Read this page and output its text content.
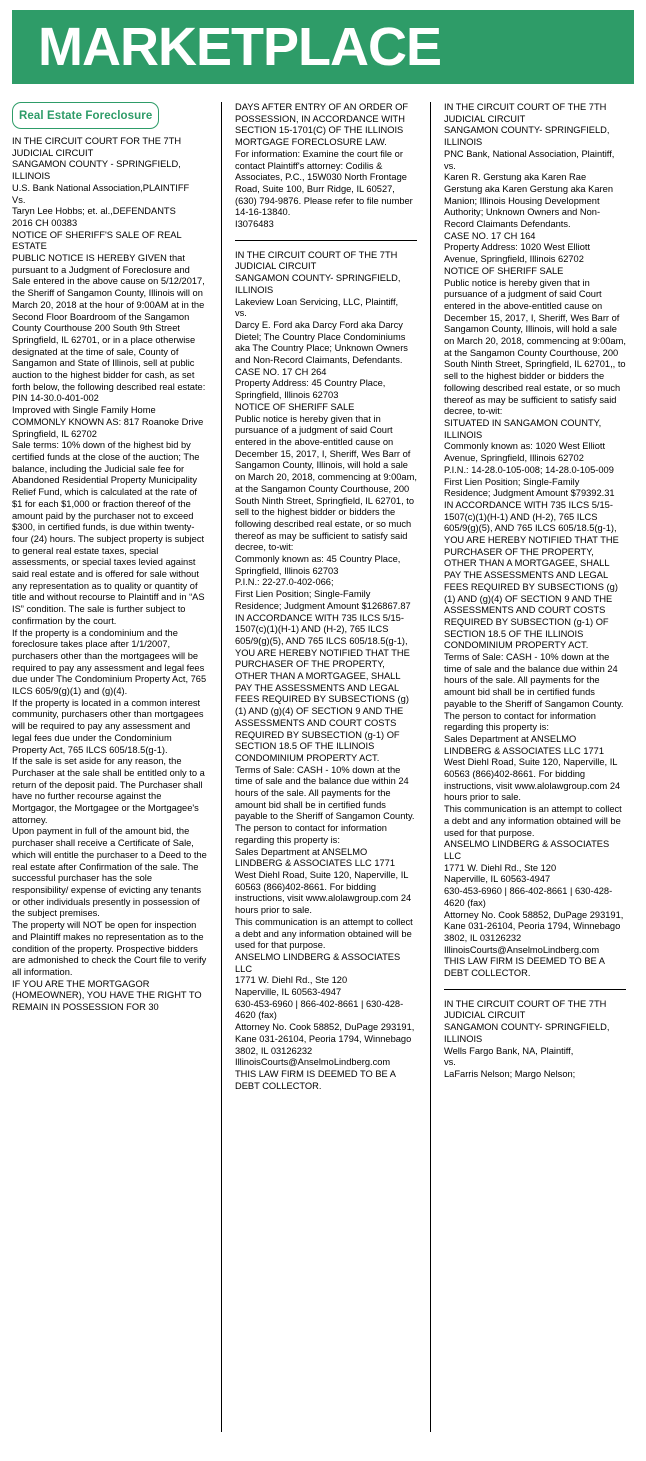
MARKETPLACE
Real Estate Foreclosure

IN THE CIRCUIT COURT FOR THE 7TH JUDICIAL CIRCUIT

SANGAMON COUNTY - SPRINGFIELD, ILLINOIS

U.S. Bank National Association,PLAINTIFF

Vs.

Taryn Lee Hobbs; et. al.,DEFENDANTS

2016 CH 00383

NOTICE OF SHERIFF'S SALE OF REAL ESTATE

PUBLIC NOTICE IS HEREBY GIVEN that pursuant to a Judgment of Foreclosure and Sale entered in the above cause on 5/12/2017, the Sheriff of Sangamon County, Illinois will on March 20, 2018 at the hour of 9:00AM at in the Second Floor Boardroom of the Sangamon County Courthouse 200 South 9th Street Springfield, IL 62701, or in a place otherwise designated at the time of sale, County of Sangamon and State of Illinois, sell at public auction to the highest bidder for cash, as set forth below, the following described real estate:

PIN 14-30.0-401-002

Improved with Single Family Home

COMMONLY KNOWN AS: 817 Roanoke Drive

Springfield, IL 62702

Sale terms: 10% down of the highest bid by certified funds at the close of the auction; The balance, including the Judicial sale fee for Abandoned Residential Property Municipality Relief Fund, which is calculated at the rate of $1 for each $1,000 or fraction thereof of the amount paid by the purchaser not to exceed $300, in certified funds, is due within twenty-four (24) hours. The subject property is subject to general real estate taxes, special assessments, or special taxes levied against said real estate and is offered for sale without any representation as to quality or quantity of title and without recourse to Plaintiff and in “AS IS” condition. The sale is further subject to confirmation by the court.

If the property is a condominium and the foreclosure takes place after 1/1/2007, purchasers other than the mortgagees will be required to pay any assessment and legal fees due under The Condominium Property Act, 765 ILCS 605/9(g)(1) and (g)(4).

If the property is located in a common interest community, purchasers other than mortgagees will be required to pay any assessment and legal fees due under the Condominium Property Act, 765 ILCS 605/18.5(g-1).

If the sale is set aside for any reason, the Purchaser at the sale shall be entitled only to a return of the deposit paid. The Purchaser shall have no further recourse against the Mortgagor, the Mortgagee or the Mortgagee's attorney.

Upon payment in full of the amount bid, the purchaser shall receive a Certificate of Sale, which will entitle the purchaser to a Deed to the real estate after Confirmation of the sale. The successful purchaser has the sole responsibility/ expense of evicting any tenants or other individuals presently in possession of the subject premises.

The property will NOT be open for inspection and Plaintiff makes no representation as to the condition of the property. Prospective bidders are admonished to check the Court file to verify all information.

IF YOU ARE THE MORTGAGOR (HOMEOWNER), YOU HAVE THE RIGHT TO REMAIN IN POSSESSION FOR 30

DAYS AFTER ENTRY OF AN ORDER OF POSSESSION, IN ACCORDANCE WITH SECTION 15-1701(C) OF THE ILLINOIS MORTGAGE FORECLOSURE LAW.

For information: Examine the court file or contact Plaintiff's attorney: Codilis & Associates, P.C., 15W030 North Frontage Road, Suite 100, Burr Ridge, IL 60527, (630) 794-9876. Please refer to file number 14-16-13840.

I3076483

IN THE CIRCUIT COURT OF THE 7TH JUDICIAL CIRCUIT

SANGAMON COUNTY- SPRINGFIELD, ILLINOIS

Lakeview Loan Servicing, LLC, Plaintiff,

vs.

Darcy E. Ford aka Darcy Ford aka Darcy Dietel; The Country Place Condominiums aka The Country Place; Unknown Owners and Non-Record Claimants, Defendants.

CASE NO. 17 CH 264

Property Address: 45 Country Place, Springfield, Illinois 62703

NOTICE OF SHERIFF SALE

Public notice is hereby given that in pursuance of a judgment of said Court entered in the above-entitled cause on December 15, 2017, I, Sheriff, Wes Barr of Sangamon County, Illinois, will hold a sale on March 20, 2018, commencing at 9:00am, at the Sangamon County Courthouse, 200 South Ninth Street, Springfield, IL 62701, to sell to the highest bidder or bidders the following described real estate, or so much thereof as may be sufficient to satisfy said decree, to-wit:

Commonly known as: 45 Country Place, Springfield, Illinois 62703

P.I.N.: 22-27.0-402-066;

First Lien Position; Single-Family Residence; Judgment Amount $126867.87

IN ACCORDANCE WITH 735 ILCS 5/15-1507(c)(1)(H-1) AND (H-2), 765 ILCS 605/9(g)(5), AND 765 ILCS 605/18.5(g-1), YOU ARE HEREBY NOTIFIED THAT THE PURCHASER OF THE PROPERTY, OTHER THAN A MORTGAGEE, SHALL PAY THE ASSESSMENTS AND LEGAL FEES REQUIRED BY SUBSECTIONS (g)(1) AND (g)(4) OF SECTION 9 AND THE ASSESSMENTS AND COURT COSTS REQUIRED BY SUBSECTION (g-1) OF SECTION 18.5 OF THE ILLINOIS CONDOMINIUM PROPERTY ACT.

Terms of Sale: CASH - 10% down at the time of sale and the balance due within 24 hours of the sale. All payments for the amount bid shall be in certified funds payable to the Sheriff of Sangamon County.

The person to contact for information regarding this property is:

Sales Department at ANSELMO LINDBERG & ASSOCIATES LLC 1771 West Diehl Road, Suite 120, Naperville, IL 60563 (866)402-8661. For bidding instructions, visit www.alolawgroup.com 24 hours prior to sale.

This communication is an attempt to collect a debt and any information obtained will be used for that purpose.

ANSELMO LINDBERG & ASSOCIATES LLC

1771 W. Diehl Rd., Ste 120

Naperville, IL 60563-4947

630-453-6960 | 866-402-8661 | 630-428-4620 (fax)

Attorney No. Cook 58852, DuPage 293191, Kane 031-26104, Peoria 1794, Winnebago 3802, IL 03126232

IllinoisCourts@AnselmoLindberg.com

THIS LAW FIRM IS DEEMED TO BE A DEBT COLLECTOR.

IN THE CIRCUIT COURT OF THE 7TH JUDICIAL CIRCUIT

SANGAMON COUNTY- SPRINGFIELD, ILLINOIS

PNC Bank, National Association, Plaintiff,

vs.

Karen R. Gerstung aka Karen Rae Gerstung aka Karen Gerstung aka Karen Manion; Illinois Housing Development Authority; Unknown Owners and Non-Record Claimants Defendants.

CASE NO. 17 CH 164

Property Address: 1020 West Elliott Avenue, Springfield, Illinois 62702

NOTICE OF SHERIFF SALE

Public notice is hereby given that in pursuance of a judgment of said Court entered in the above-entitled cause on December 15, 2017, I, Sheriff, Wes Barr of Sangamon County, Illinois, will hold a sale on March 20, 2018, commencing at 9:00am, at the Sangamon County Courthouse, 200 South Ninth Street, Springfield, IL 62701,, to sell to the highest bidder or bidders the following described real estate, or so much thereof as may be sufficient to satisfy said decree, to-wit:

SITUATED IN SANGAMON COUNTY, ILLINOIS

Commonly known as: 1020 West Elliott Avenue, Springfield, Illinois 62702

P.I.N.: 14-28.0-105-008; 14-28.0-105-009

First Lien Position; Single-Family Residence; Judgment Amount $79392.31

IN ACCORDANCE WITH 735 ILCS 5/15-1507(c)(1)(H-1) AND (H-2), 765 ILCS 605/9(g)(5), AND 765 ILCS 605/18.5(g-1), YOU ARE HEREBY NOTIFIED THAT THE PURCHASER OF THE PROPERTY, OTHER THAN A MORTGAGEE, SHALL PAY THE ASSESSMENTS AND LEGAL FEES REQUIRED BY SUBSECTIONS (g)(1) AND (g)(4) OF SECTION 9 AND THE ASSESSMENTS AND COURT COSTS REQUIRED BY SUBSECTION (g-1) OF SECTION 18.5 OF THE ILLINOIS CONDOMINIUM PROPERTY ACT.

Terms of Sale: CASH - 10% down at the time of sale and the balance due within 24 hours of the sale. All payments for the amount bid shall be in certified funds payable to the Sheriff of Sangamon County.

The person to contact for information regarding this property is:

Sales Department at ANSELMO LINDBERG & ASSOCIATES LLC 1771 West Diehl Road, Suite 120, Naperville, IL 60563 (866)402-8661. For bidding instructions, visit www.alolawgroup.com 24 hours prior to sale.

This communication is an attempt to collect a debt and any information obtained will be used for that purpose.

ANSELMO LINDBERG & ASSOCIATES LLC

1771 W. Diehl Rd., Ste 120

Naperville, IL 60563-4947

630-453-6960 | 866-402-8661 | 630-428-4620 (fax)

Attorney No. Cook 58852, DuPage 293191, Kane 031-26104, Peoria 1794, Winnebago 3802, IL 03126232

IllinoisCourts@AnselmoLindberg.com

THIS LAW FIRM IS DEEMED TO BE A DEBT COLLECTOR.

IN THE CIRCUIT COURT OF THE 7TH JUDICIAL CIRCUIT

SANGAMON COUNTY- SPRINGFIELD, ILLINOIS

Wells Fargo Bank, NA, Plaintiff,

vs.

LaFarris Nelson; Margo Nelson;
